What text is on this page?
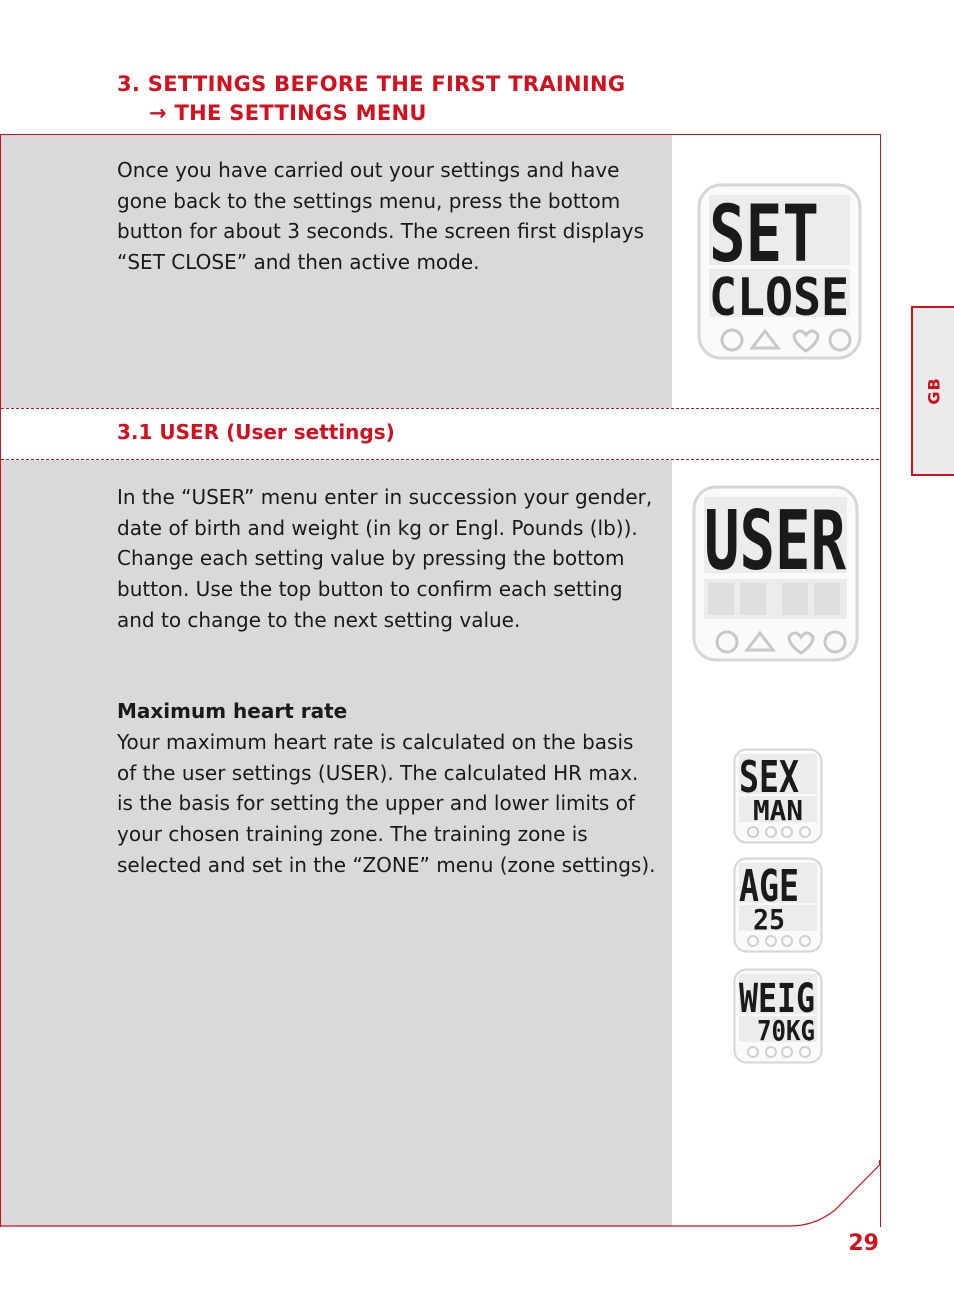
3. SETTINGS BEFORE THE FIRST TRAINING
→ THE SETTINGS MENU
Once you have carried out your settings and have gone back to the settings menu, press the bottom button for about 3 seconds. The screen first displays “SET CLOSE” and then active mode.
3.1 USER (User settings)
In the “USER” menu enter in succession your gender, date of birth and weight (in kg or Engl. Pounds (lb)). Change each setting value by pressing the bottom button. Use the top button to confirm each setting and to change to the next setting value.
Maximum heart rate
Your maximum heart rate is calculated on the basis of the user settings (USER). The calculated HR max. is the basis for setting the upper and lower limits of your chosen training zone. The training zone is selected and set in the “ZONE” menu (zone settings).
SET
CLOSE
USER
SEX
MAN
AGE
25
WEIG
70KG
GB
29
